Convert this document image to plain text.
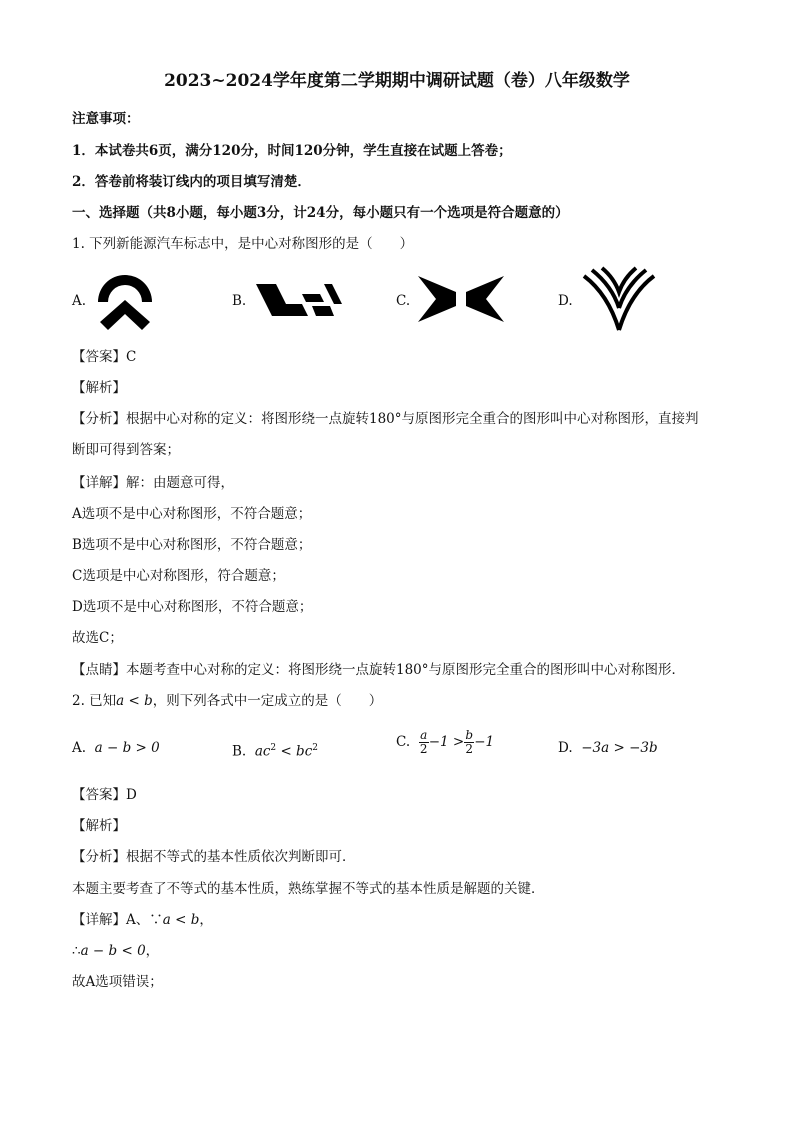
2023~2024学年度第二学期期中调研试题（卷）八年级数学
注意事项：
1．本试卷共6页，满分120分，时间120分钟，学生直接在试题上答卷；
2．答卷前将装订线内的项目填写清楚．
一、选择题（共8小题，每小题3分，计24分，每小题只有一个选项是符合题意的）
1. 下列新能源汽车标志中，是中心对称图形的是（　　）
A.	B.	C.	D.
【答案】C
【解析】
【分析】根据中心对称的定义：将图形绕一点旋转180°与原图形完全重合的图形叫中心对称图形，直接判
断即可得到答案；
【详解】解：由题意可得，
A选项不是中心对称图形，不符合题意；
B选项不是中心对称图形，不符合题意；
C选项是中心对称图形，符合题意；
D选项不是中心对称图形，不符合题意；
故选C；
【点睛】本题考查中心对称的定义：将图形绕一点旋转180°与原图形完全重合的图形叫中心对称图形．
2. 已知a < b，则下列各式中一定成立的是（　　）
A. a − b > 0	B. $ac^2 < bc^2$	C. $\frac{a}{2} -1 > \frac{b}{2} -1$	D. −3a > −3b
【答案】D
【解析】
【分析】根据不等式的基本性质依次判断即可．
本题主要考查了不等式的基本性质，熟练掌握不等式的基本性质是解题的关键．
【详解】A、∵a < b，
∴a − b < 0，
故A选项错误；
